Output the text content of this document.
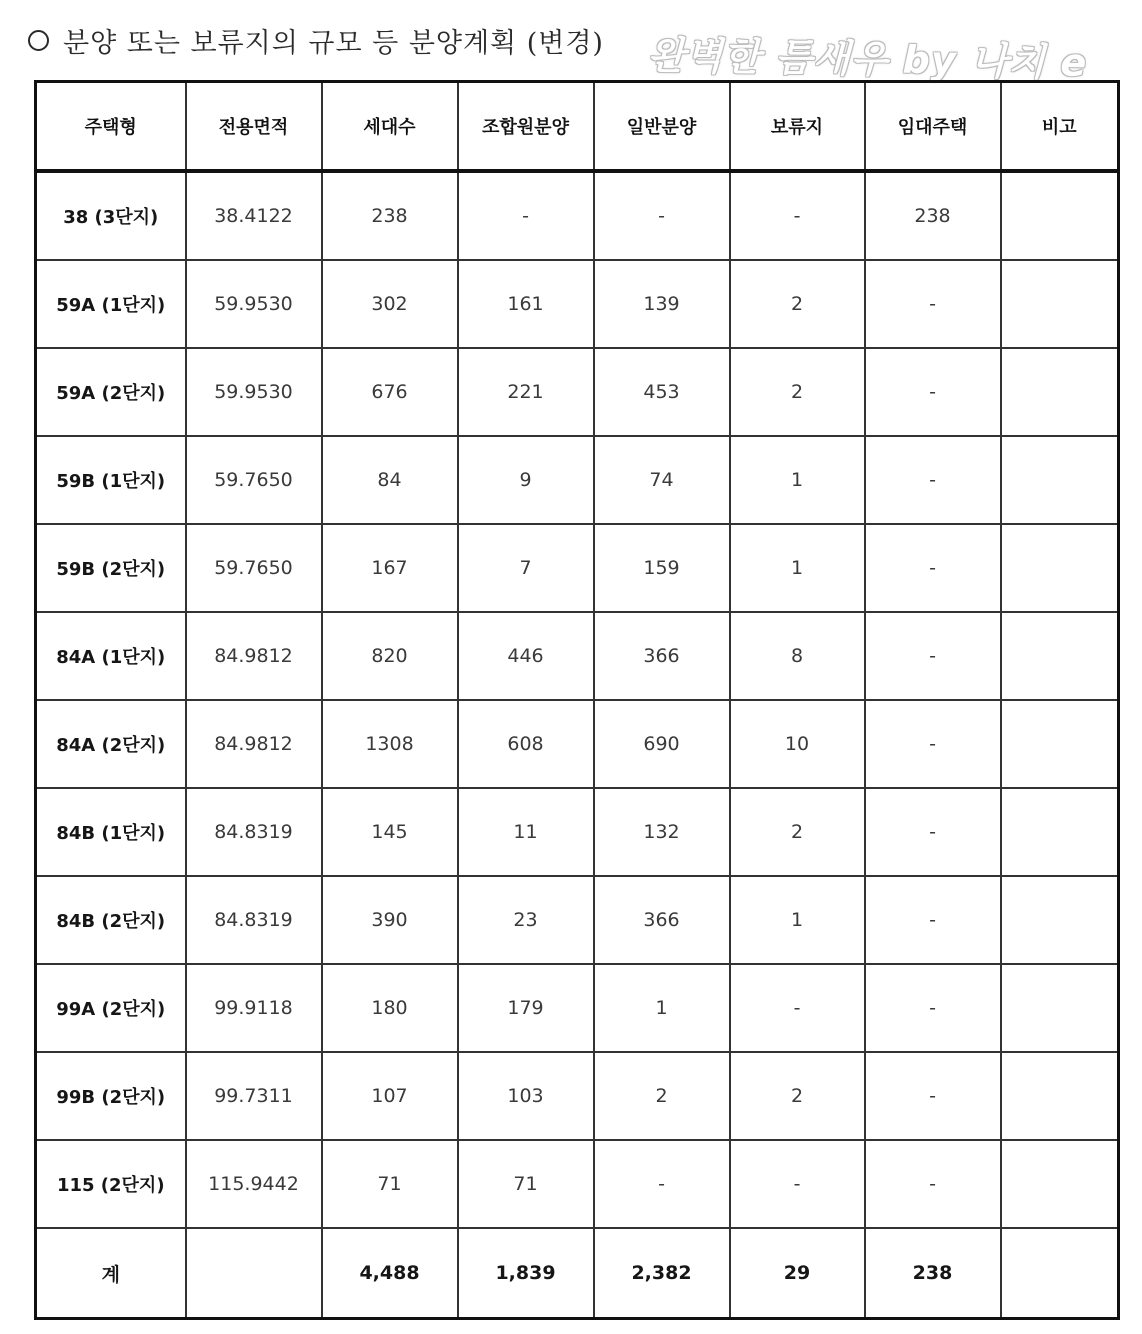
분양 또는 보류지의 규모 등 분양계획 (변경) 완벽한 틈새우 by 나치 e
주택형	전용면적	세대수	조합원분양	일반분양	보류지	임대주택	비고
38 (3단지)	38.4122	238	-	-	-	238	
59A (1단지)	59.9530	302	161	139	2	-	
59A (2단지)	59.9530	676	221	453	2	-	
59B (1단지)	59.7650	84	9	74	1	-	
59B (2단지)	59.7650	167	7	159	1	-	
84A (1단지)	84.9812	820	446	366	8	-	
84A (2단지)	84.9812	1308	608	690	10	-	
84B (1단지)	84.8319	145	11	132	2	-	
84B (2단지)	84.8319	390	23	366	1	-	
99A (2단지)	99.9118	180	179	1	-	-	
99B (2단지)	99.7311	107	103	2	2	-	
115 (2단지)	115.9442	71	71	-	-	-	
계		4,488	1,839	2,382	29	238	
